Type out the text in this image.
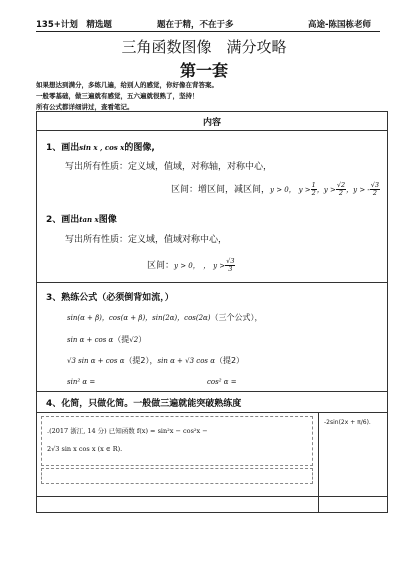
135+计划　精选题	题在于精，不在于多	高途-陈国栋老师
三角函数图像　满分攻略
第一套
如果想达到满分，多练几遍，给别人的感觉，你好像在背答案。
一般零基础，做三遍就有感觉，五六遍就很熟了，坚持！
所有公式都详细讲过，查看笔记。
内容
1、画出sin x , cos x的图像,
写出所有性质：定义域，值域，对称轴，对称中心，
区间：增区间，减区间，y > 0， $y > \frac{1}{2}$ ，$y > \frac{√2}{2}$ ，y > - $\frac{√3}{2}$
2、画出tan x图像
写出所有性质：定义域，值域对称中心，
区间：y > 0，　， $y > \frac{√3}{3}$
3、熟练公式（必须倒背如流，）
sin(α + β)，cos(α + β)，sin(2α)，cos(2α)（三个公式），
sin α + cos α（提√2）
√3 sin α + cos α（提2），sin α + √3 cos α（提2）
sin² α =	cos² α =
4、化简，只做化简。一般做三遍就能突破熟练度
.(2017 浙江, 14 分) 已知函数 f(x) = sin²x − cos²x −
2√3 sin x cos x (x ∈ R).
-2sin(2x + π/6).
